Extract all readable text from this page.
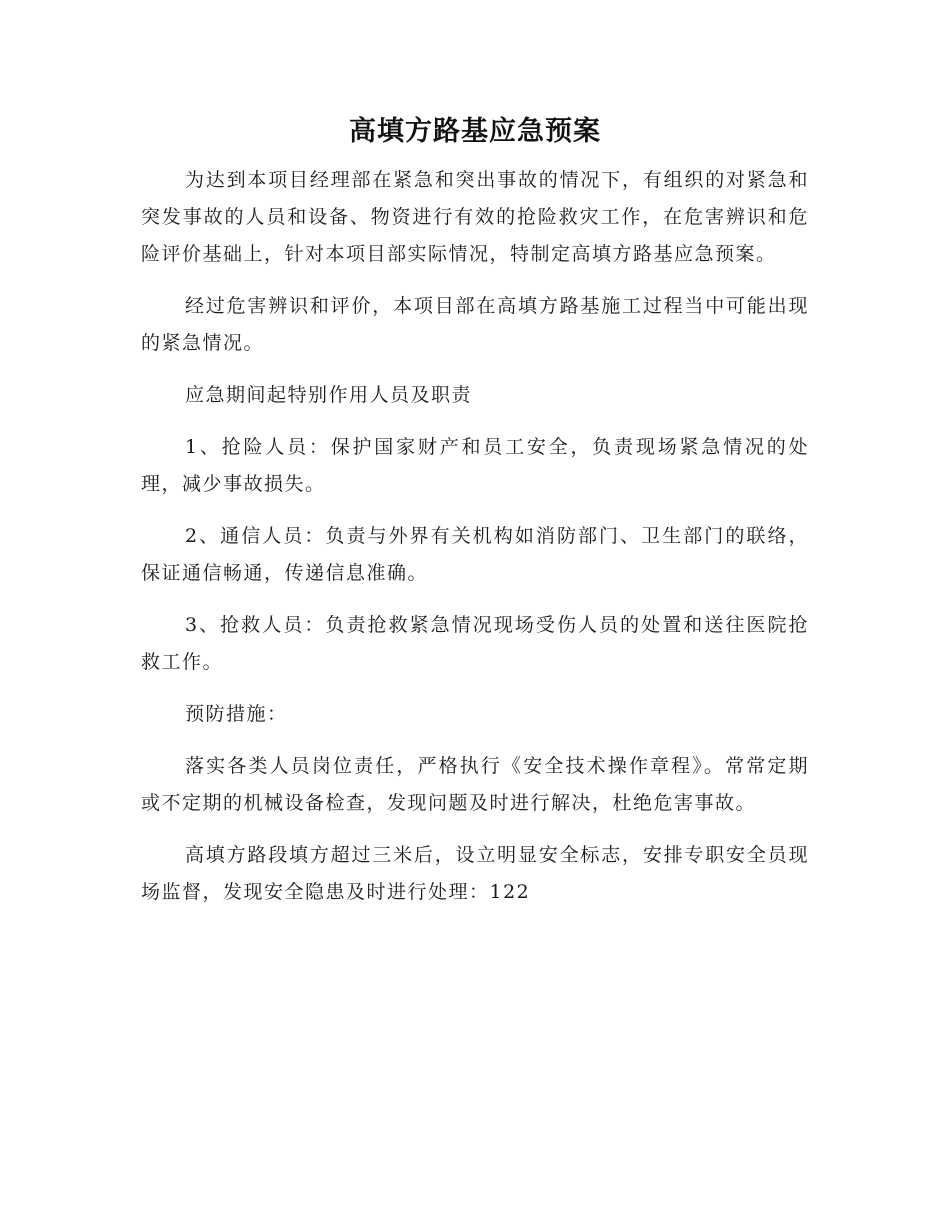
高填方路基应急预案

为达到本项目经理部在紧急和突出事故的情况下，有组织的对紧急和突发事故的人员和设备、物资进行有效的抢险救灾工作，在危害辨识和危险评价基础上，针对本项目部实际情况，特制定高填方路基应急预案。

经过危害辨识和评价，本项目部在高填方路基施工过程当中可能出现的紧急情况。

应急期间起特别作用人员及职责

1、抢险人员：保护国家财产和员工安全，负责现场紧急情况的处理，减少事故损失。

2、通信人员：负责与外界有关机构如消防部门、卫生部门的联络，保证通信畅通，传递信息准确。

3、抢救人员：负责抢救紧急情况现场受伤人员的处置和送往医院抢救工作。

预防措施：

落实各类人员岗位责任，严格执行《安全技术操作章程》。常常定期或不定期的机械设备检查，发现问题及时进行解决，杜绝危害事故。

高填方路段填方超过三米后，设立明显安全标志，安排专职安全员现场监督，发现安全隐患及时进行处理：122
